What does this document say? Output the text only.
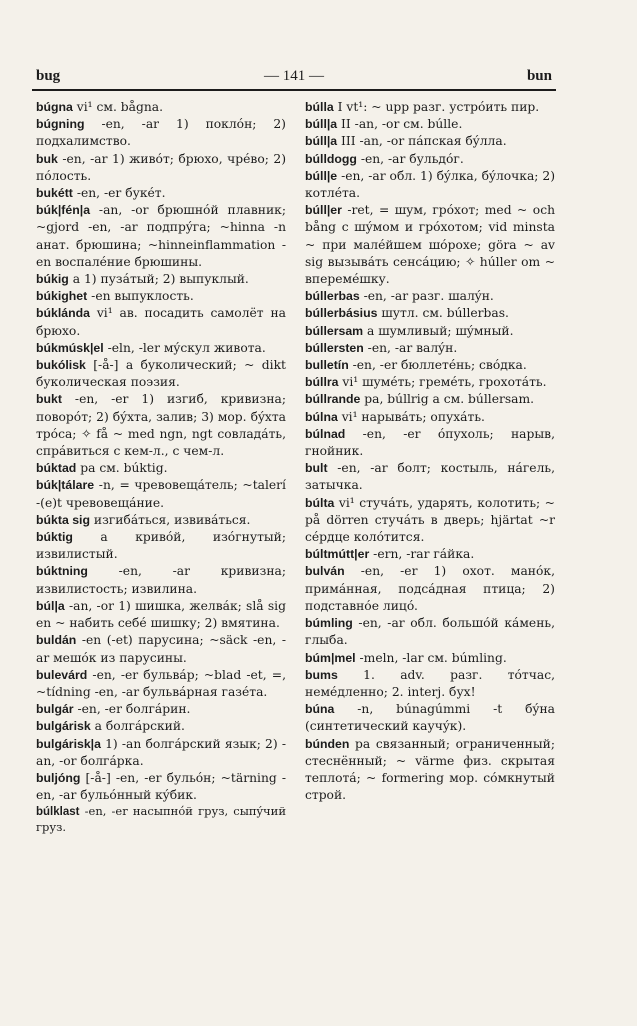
bug	— 141 —	bun

búgna vi¹ см. bågna.

búgning -en, -ar 1) поклóн; 2) подхалимство.

buk -en, -ar 1) живóт; брюхо, чрéво; 2) пóлость.

bukétt -en, -er букéт.

búk|fén|a -an, -or брюшнóй плавник; ~gjord -en, -ar подпрýга; ~hinna -n анат. брюшина; ~hinneinflammation -en воспалéние брюшины.

búkig a 1) пузáтый; 2) выпуклый.

búkighet -en выпуклость.

búklánda vi¹ ав. посадить самолёт на брюхо.

búkmúsk|el -eln, -ler мýскул живота.

bukólisk [-å-] a буколический; ~ dikt буколическая поэзия.

bukt -en, -er 1) изгиб, кривизна; поворóт; 2) бýхта, залив; 3) мор. бýхта трóса; ✧ få ~ med ngn, ngt совладáть, спрáвиться с кем-л., с чем-л.

búktad pa см. búktig.

búk|tálare -n, = чревовещáтель; ~talerí -(e)t чревовещáние.

búkta sig изгибáться, извивáться.

búktig a кривóй, изóгнутый; извилистый.

búktning -en, -ar кривизна; извилистость; извилина.

búl|a -an, -or 1) шишка, желвáк; slå sig en ~ набить себé шишку; 2) вмятина.

buldán -en (-et) парусина; ~säck -en, -ar мешóк из парусины.

bulevárd -en, -er бульвáр; ~blad -et, =, ~tídning -en, -ar бульвáрная газéта.

bulgár -en, -er болгáрин.

bulgárisk a болгáрский.

bulgárisk|a 1) -an болгáрский язык; 2) -an, -or болгáрка.

buljóng [-å-] -en, -er бульóн; ~tärning -en, -ar бульóнный кýбик.

búlklast -en, -er насыпнóй груз, сыпýчий груз.

búlla I vt¹: ~ upp разг. устрóить пир.

búll|a II -an, -or см. búlle.

búll|a III -an, -or пáпская бýлла.

búlldogg -en, -ar бульдóг.

búll|e -en, -ar обл. 1) бýлка, бýлочка; 2) котлéта.

búll|er -ret, = шум, грóхот; med ~ och bång с шýмом и грóхотом; vid minsta ~ при малéйшем шóрохе; göra ~ av sig вызывáть сенсáцию; ✧ húller om ~ вперемéшку.

búllerbas -en, -ar разг. шалýн.

búllerbásius шутл. см. búllerbas.

búllersam a шумливый; шýмный.

búllersten -en, -ar валýн.

bulletín -en, -er бюллетéнь; свóдка.

búllra vi¹ шумéть; гремéть, грохотáть.

búllrande pa, búllrig a см. búllersam.

búlna vi¹ нарывáть; опухáть.

búlnad -en, -er óпухоль; нарыв, гнойник.

bult -en, -ar болт; костыль, нáгель, затычка.

búlta vi¹ стучáть, ударять, колотить; ~ på dörren стучáть в дверь; hjärtat ~r сéрдце колóтится.

búltmútt|er -ern, -rar гáйка.

bulván -en, -er 1) охот. манóк, примáнная, подсáдная птица; 2) подставнóе лицó.

búmling -en, -ar обл. большóй кáмень, глыба.

búm|mel -meln, -lar см. búmling.

bums 1. adv. разг. тóтчас, немéдленно; 2. interj. бух!

búna -n, búnagúmmi -t бýна (синтетический каучýк).

búnden pa связанный; ограниченный; стеснённый; ~ värme физ. скрытая теплотá; ~ formering мор. сóмкнутый строй.
